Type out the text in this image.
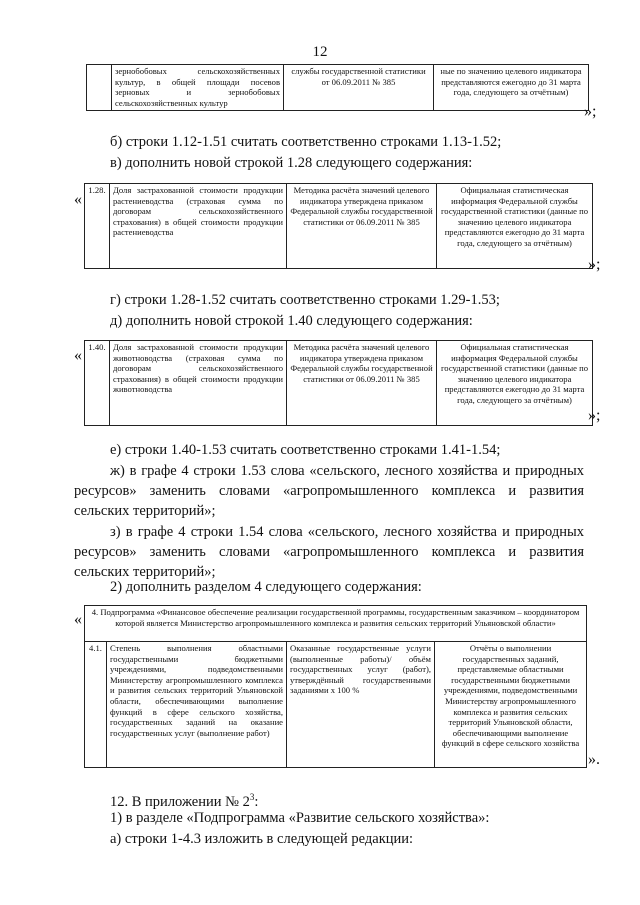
12
	зернобобовых сельскохозяйственных культур, в общей площади посевов зерновых и зернобобовых сельскохозяйственных культур	службы государственной статистики от 06.09.2011 № 385	ные по значению целевого индикатора представляются ежегодно до 31 марта года, следующего за отчётным)
»;
б) строки 1.12-1.51 считать соответственно строками 1.13-1.52;
в) дополнить новой строкой 1.28 следующего содержания:
«
1.28.	Доля застрахованной стоимости продукции растениеводства (страховая сумма по договорам сельскохозяйственного страхования) в общей стоимости продукции растениеводства	Методика расчёта значений целевого индикатора утверждена приказом Федеральной службы государственной статистики от 06.09.2011 № 385	Официальная статистическая информация Федеральной службы государственной статистики (данные по значению целевого индикатора представляются ежегодно до 31 марта года, следующего за отчётным)
»;
г) строки 1.28-1.52 считать соответственно строками 1.29-1.53;
д) дополнить новой строкой 1.40 следующего содержания:
« 1.40.	Доля застрахованной стоимости продукции животноводства (страховая сумма по договорам сельскохозяйственного страхования) в общей стоимости продукции животноводства	Методика расчёта значений целевого индикатора утверждена приказом Федеральной службы государственной статистики от 06.09.2011 № 385	Официальная статистическая информация Федеральной службы государственной статистики (данные по значению целевого индикатора представляются ежегодно до 31 марта года, следующего за отчётным)
»;
е) строки 1.40-1.53 считать соответственно строками 1.41-1.54;
ж) в графе 4 строки 1.53 слова «сельского, лесного хозяйства и природных ресурсов» заменить словами «агропромышленного комплекса и развития сельских территорий»;
з) в графе 4 строки 1.54 слова «сельского, лесного хозяйства и природных ресурсов» заменить словами «агропромышленного комплекса и развития сельских территорий»;
2) дополнить разделом 4 следующего содержания:
« 4. Подпрограмма «Финансовое обеспечение реализации государственной программы, государственным заказчиком – координатором которой является Министерство агропромышленного комплекса и развития сельских территорий Ульяновской области»
4.1.	Степень выполнения областными государственными бюджетными учреждениями, подведомственными Министерству агропромышленного комплекса и развития сельских территорий Ульяновской области, обеспечивающими выполнение функций в сфере сельского хозяйства, государственных заданий на оказание государственных услуг (выполнение работ)	Оказанные государственные услуги (выполненные работы)/ объём государственных услуг (работ), утверждённый государственными заданиями х 100 %	Отчёты о выполнении государственных заданий, представляемые областными государственными бюджетными учреждениями, подведомственными Министерству агропромышленного комплекса и развития сельских территорий Ульяновской области, обеспечивающими выполнение функций в сфере сельского хозяйства
».
12. В приложении № $2^3$:
1) в разделе «Подпрограмма «Развитие сельского хозяйства»:
а) строки 1-4.3 изложить в следующей редакции:
